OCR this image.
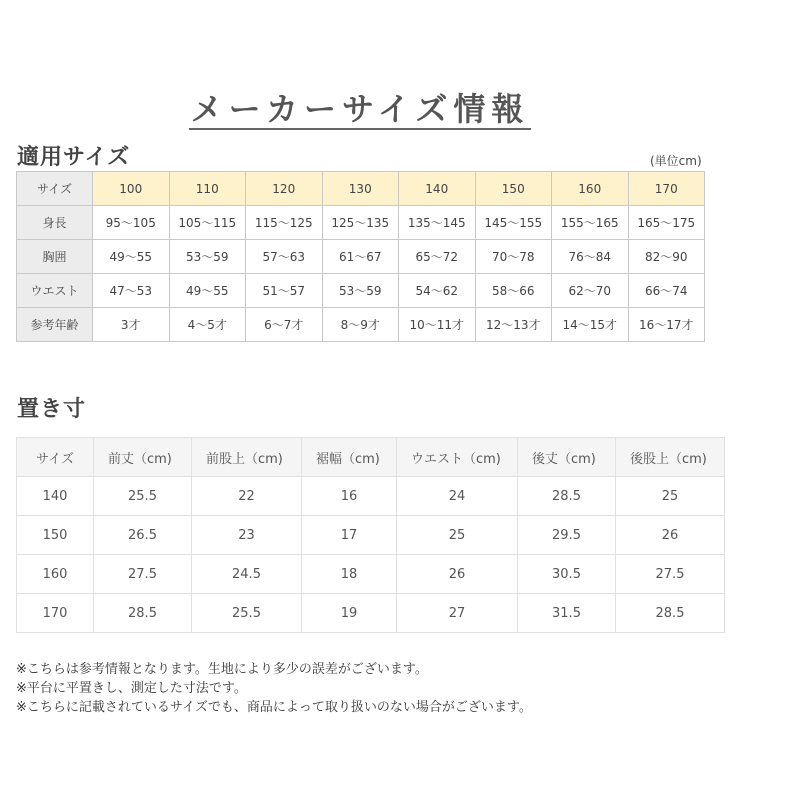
メーカーサイズ情報
適用サイズ	(単位cm)
サイズ	100	110	120	130	140	150	160	170
身長	95～105	105～115	115～125	125～135	135～145	145～155	155～165	165～175
胸囲	49～55	53～59	57～63	61～67	65～72	70～78	76～84	82～90
ウエスト	47～53	49～55	51～57	53～59	54～62	58～66	62～70	66～74
参考年齢	3才	4～5才	6～7才	8～9才	10～11才	12～13才	14～15才	16～17才
置き寸
サイズ	前丈（cm)	前股上（cm)	裾幅（cm)	ウエスト（cm)	後丈（cm)	後股上（cm)
140	25.5	22	16	24	28.5	25
150	26.5	23	17	25	29.5	26
160	27.5	24.5	18	26	30.5	27.5
170	28.5	25.5	19	27	31.5	28.5
※こちらは参考情報となります。生地により多少の誤差がございます。
※平台に平置きし、測定した寸法です。
※こちらに記載されているサイズでも、商品によって取り扱いのない場合がございます。
